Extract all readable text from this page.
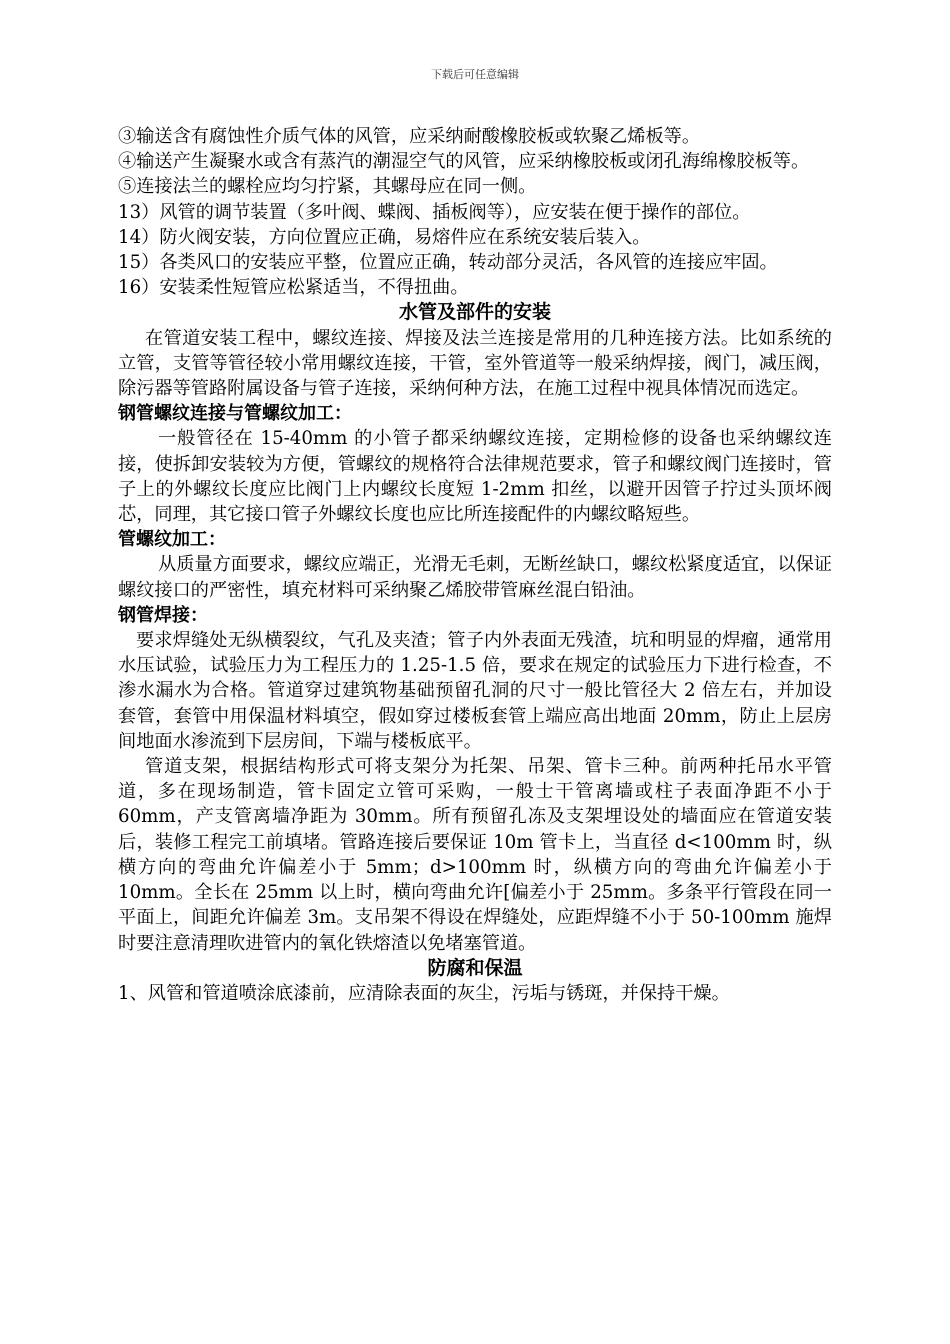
下载后可任意编辑

③输送含有腐蚀性介质气体的风管，应采纳耐酸橡胶板或软聚乙烯板等。

④输送产生凝聚水或含有蒸汽的潮湿空气的风管，应采纳橡胶板或闭孔海绵橡胶板等。

⑤连接法兰的螺栓应均匀拧紧，其螺母应在同一侧。

13）风管的调节装置（多叶阀、蝶阀、插板阀等），应安装在便于操作的部位。

14）防火阀安装，方向位置应正确，易熔件应在系统安装后装入。

15）各类风口的安装应平整，位置应正确，转动部分灵活，各风管的连接应牢固。

16）安装柔性短管应松紧适当，不得扭曲。

水管及部件的安装

在管道安装工程中，螺纹连接、焊接及法兰连接是常用的几种连接方法。比如系统的立管，支管等管径较小常用螺纹连接，干管，室外管道等一般采纳焊接，阀门，减压阀，除污器等管路附属设备与管子连接，采纳何种方法，在施工过程中视具体情况而选定。

钢管螺纹连接与管螺纹加工：

一般管径在 15-40mm 的小管子都采纳螺纹连接，定期检修的设备也采纳螺纹连接，使拆卸安装较为方便，管螺纹的规格符合法律规范要求，管子和螺纹阀门连接时，管子上的外螺纹长度应比阀门上内螺纹长度短 1-2mm 扣丝，以避开因管子拧过头顶坏阀芯，同理，其它接口管子外螺纹长度也应比所连接配件的内螺纹略短些。

管螺纹加工：

从质量方面要求，螺纹应端正，光滑无毛刺，无断丝缺口，螺纹松紧度适宜，以保证螺纹接口的严密性，填充材料可采纳聚乙烯胶带管麻丝混白铅油。

钢管焊接：

要求焊缝处无纵横裂纹，气孔及夹渣；管子内外表面无残渣，坑和明显的焊瘤，通常用水压试验，试验压力为工程压力的 1.25-1.5 倍，要求在规定的试验压力下进行检查，不渗水漏水为合格。管道穿过建筑物基础预留孔洞的尺寸一般比管径大 2 倍左右，并加设套管，套管中用保温材料填空，假如穿过楼板套管上端应高出地面 20mm，防止上层房间地面水渗流到下层房间，下端与楼板底平。

管道支架，根据结构形式可将支架分为托架、吊架、管卡三种。前两种托吊水平管道，多在现场制造，管卡固定立管可采购，一般士干管离墙或柱子表面净距不小于 60mm，产支管离墙净距为 30mm。所有预留孔冻及支架埋设处的墙面应在管道安装后，装修工程完工前填堵。管路连接后要保证 10m 管卡上，当直径 d<100mm 时，纵横方向的弯曲允许偏差小于 5mm；d>100mm 时，纵横方向的弯曲允许偏差小于 10mm。全长在 25mm 以上时，横向弯曲允许[偏差小于 25mm。多条平行管段在同一平面上，间距允许偏差 3m。支吊架不得设在焊缝处，应距焊缝不小于 50-100mm 施焊时要注意清理吹进管内的氧化铁熔渣以免堵塞管道。

防腐和保温

1、风管和管道喷涂底漆前，应清除表面的灰尘，污垢与锈斑，并保持干燥。
